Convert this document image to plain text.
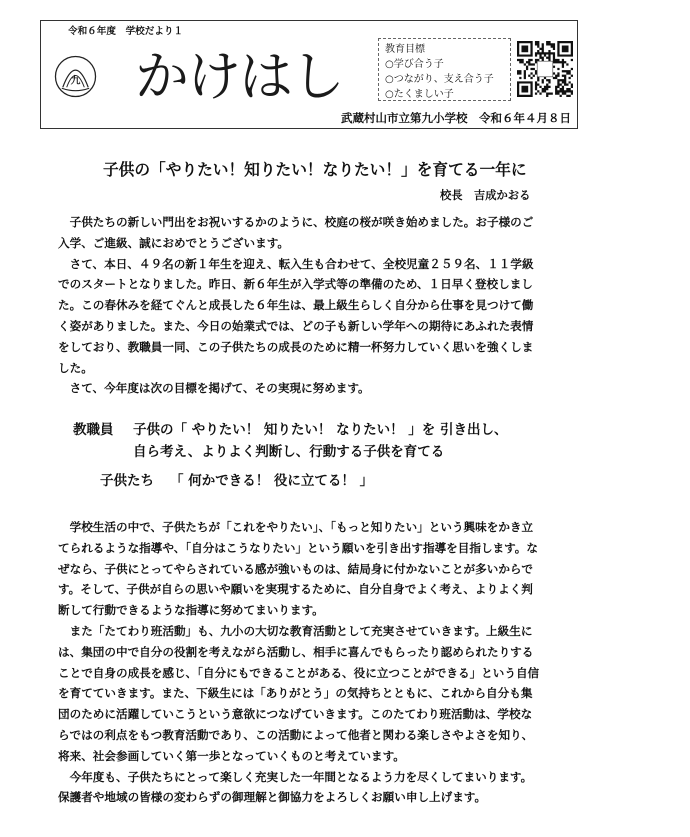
令和６年度 学校だより１
九 かけはし	教育目標
○学び合う子
○つながり、支え合う子
○たくましい子
武蔵村山市立第九小学校 令和６年４月８日
子供の「やりたい！知りたい！なりたい！」を育てる一年に
校長 吉成かおる
子供たちの新しい門出をお祝いするかのように、校庭の桜が咲き始めました。お子様のご
入学、ご進級、誠におめでとうございます。
さて、本日、４９名の新１年生を迎え、転入生も合わせて、全校児童２５９名、１１学級
でのスタートとなりました。昨日、新６年生が入学式等の準備のため、１日早く登校しまし
た。この春休みを経てぐんと成長した６年生は、最上級生らしく自分から仕事を見つけて働
く姿がありました。また、今日の始業式では、どの子も新しい学年への期待にあふれた表情
をしており、教職員一同、この子供たちの成長のために精一杯努力していく思いを強くしま
した。
さて、今年度は次の目標を掲げて、その実現に努めます。
教職員 子供の「 やりたい！ 知りたい！ なりたい！ 」を 引き出し、
自ら考え、よりよく判断し、行動する子供を育てる
子供たち 「 何かできる！ 役に立てる！ 」
学校生活の中で、子供たちが「これをやりたい」、「もっと知りたい」という興味をかき立
てられるような指導や、「自分はこうなりたい」という願いを引き出す指導を目指します。な
ぜなら、子供にとってやらされている感が強いものは、結局身に付かないことが多いからで
す。そして、子供が自らの思いや願いを実現するために、自分自身でよく考え、よりよく判
断して行動できるような指導に努めてまいります。
また「たてわり班活動」も、九小の大切な教育活動として充実させていきます。上級生に
は、集団の中で自分の役割を考えながら活動し、相手に喜んでもらったり認められたりする
ことで自身の成長を感じ、「自分にもできることがある、役に立つことができる」という自信
を育てていきます。また、下級生には「ありがとう」の気持ちとともに、これから自分も集
団のために活躍していこうという意欲につなげていきます。このたてわり班活動は、学校な
らではの利点をもつ教育活動であり、この活動によって他者と関わる楽しさやよさを知り、
将来、社会参画していく第一歩となっていくものと考えています。
今年度も、子供たちにとって楽しく充実した一年間となるよう力を尽くしてまいります。
保護者や地域の皆様の変わらずの御理解と御協力をよろしくお願い申し上げます。
